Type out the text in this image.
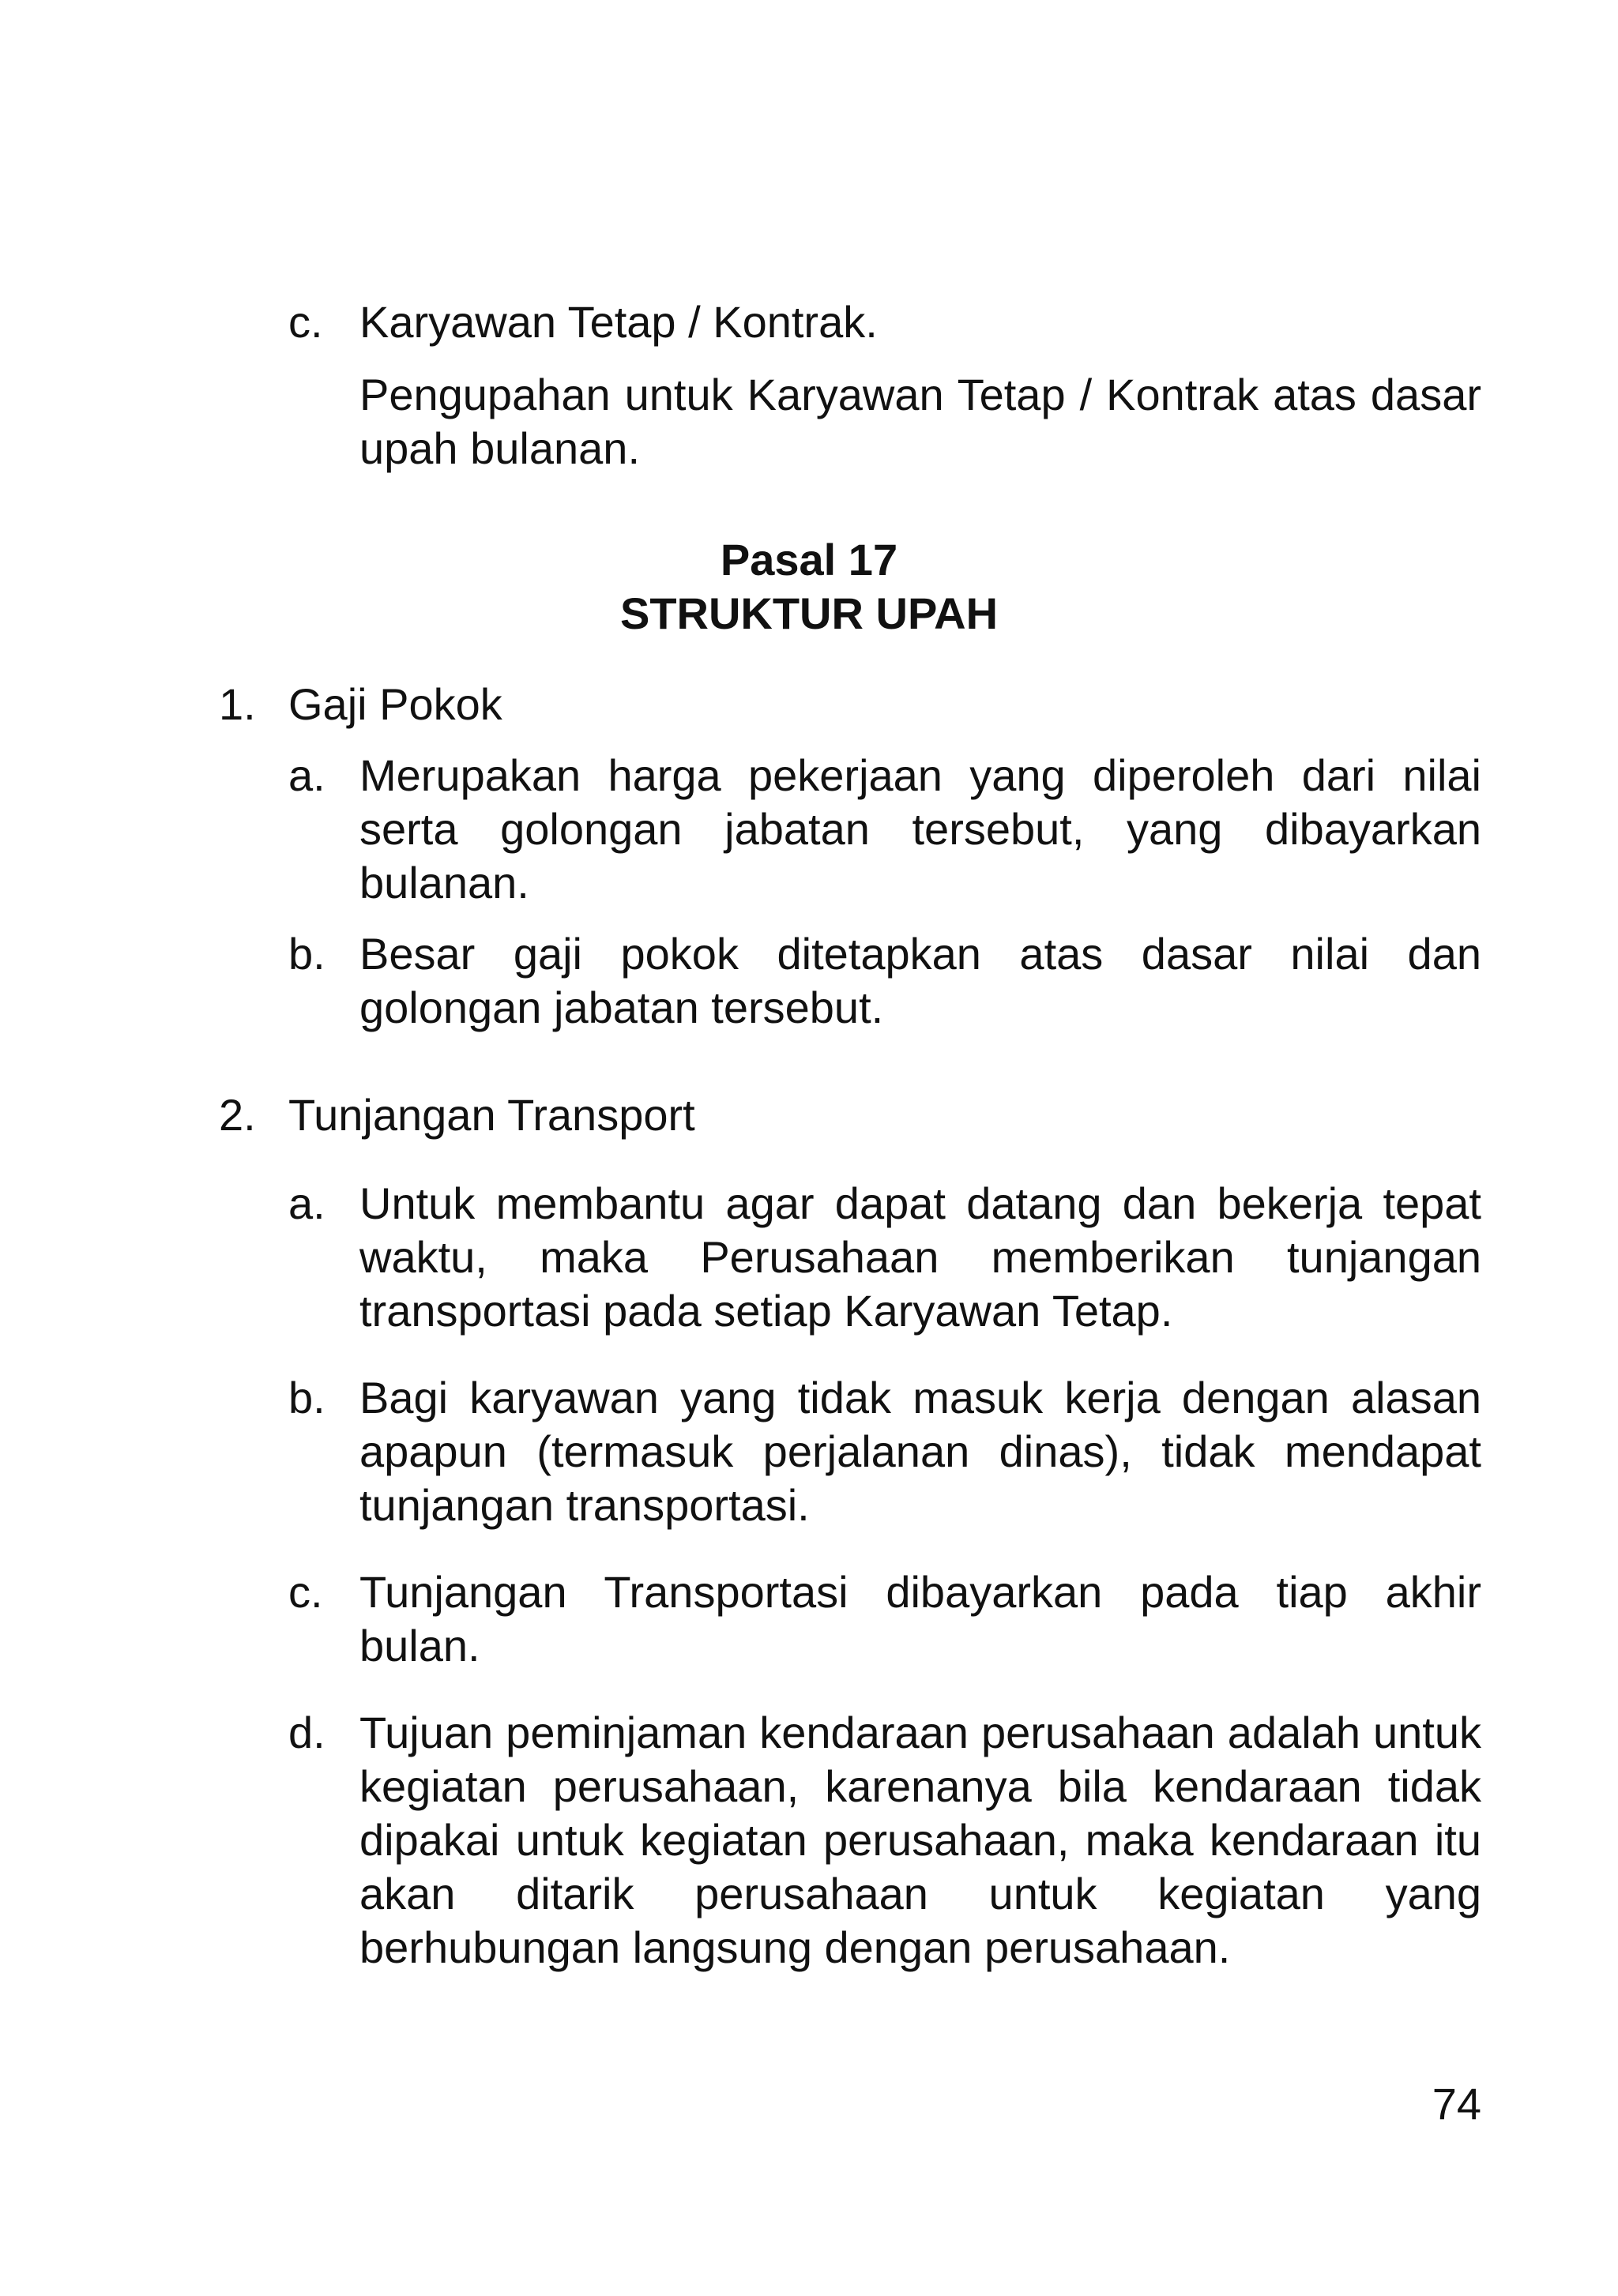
c. Karyawan Tetap / Kontrak.
Pengupahan untuk Karyawan Tetap / Kontrak atas dasar upah bulanan.
Pasal 17
STRUKTUR UPAH
1. Gaji Pokok
a. Merupakan harga pekerjaan yang diperoleh dari nilai serta golongan jabatan tersebut, yang dibayarkan bulanan.
b. Besar gaji pokok ditetapkan atas dasar nilai dan golongan jabatan tersebut.
2. Tunjangan Transport
a. Untuk membantu agar dapat datang dan bekerja tepat waktu, maka Perusahaan memberikan tunjangan transportasi pada setiap Karyawan Tetap.
b. Bagi karyawan yang tidak masuk kerja dengan alasan apapun (termasuk perjalanan dinas), tidak mendapat tunjangan transportasi.
c. Tunjangan Transportasi dibayarkan pada tiap akhir bulan.
d. Tujuan peminjaman kendaraan perusahaan adalah untuk kegiatan perusahaan, karenanya bila kendaraan tidak dipakai untuk kegiatan perusahaan, maka kendaraan itu akan ditarik perusahaan untuk kegiatan yang berhubungan langsung dengan perusahaan.
74
